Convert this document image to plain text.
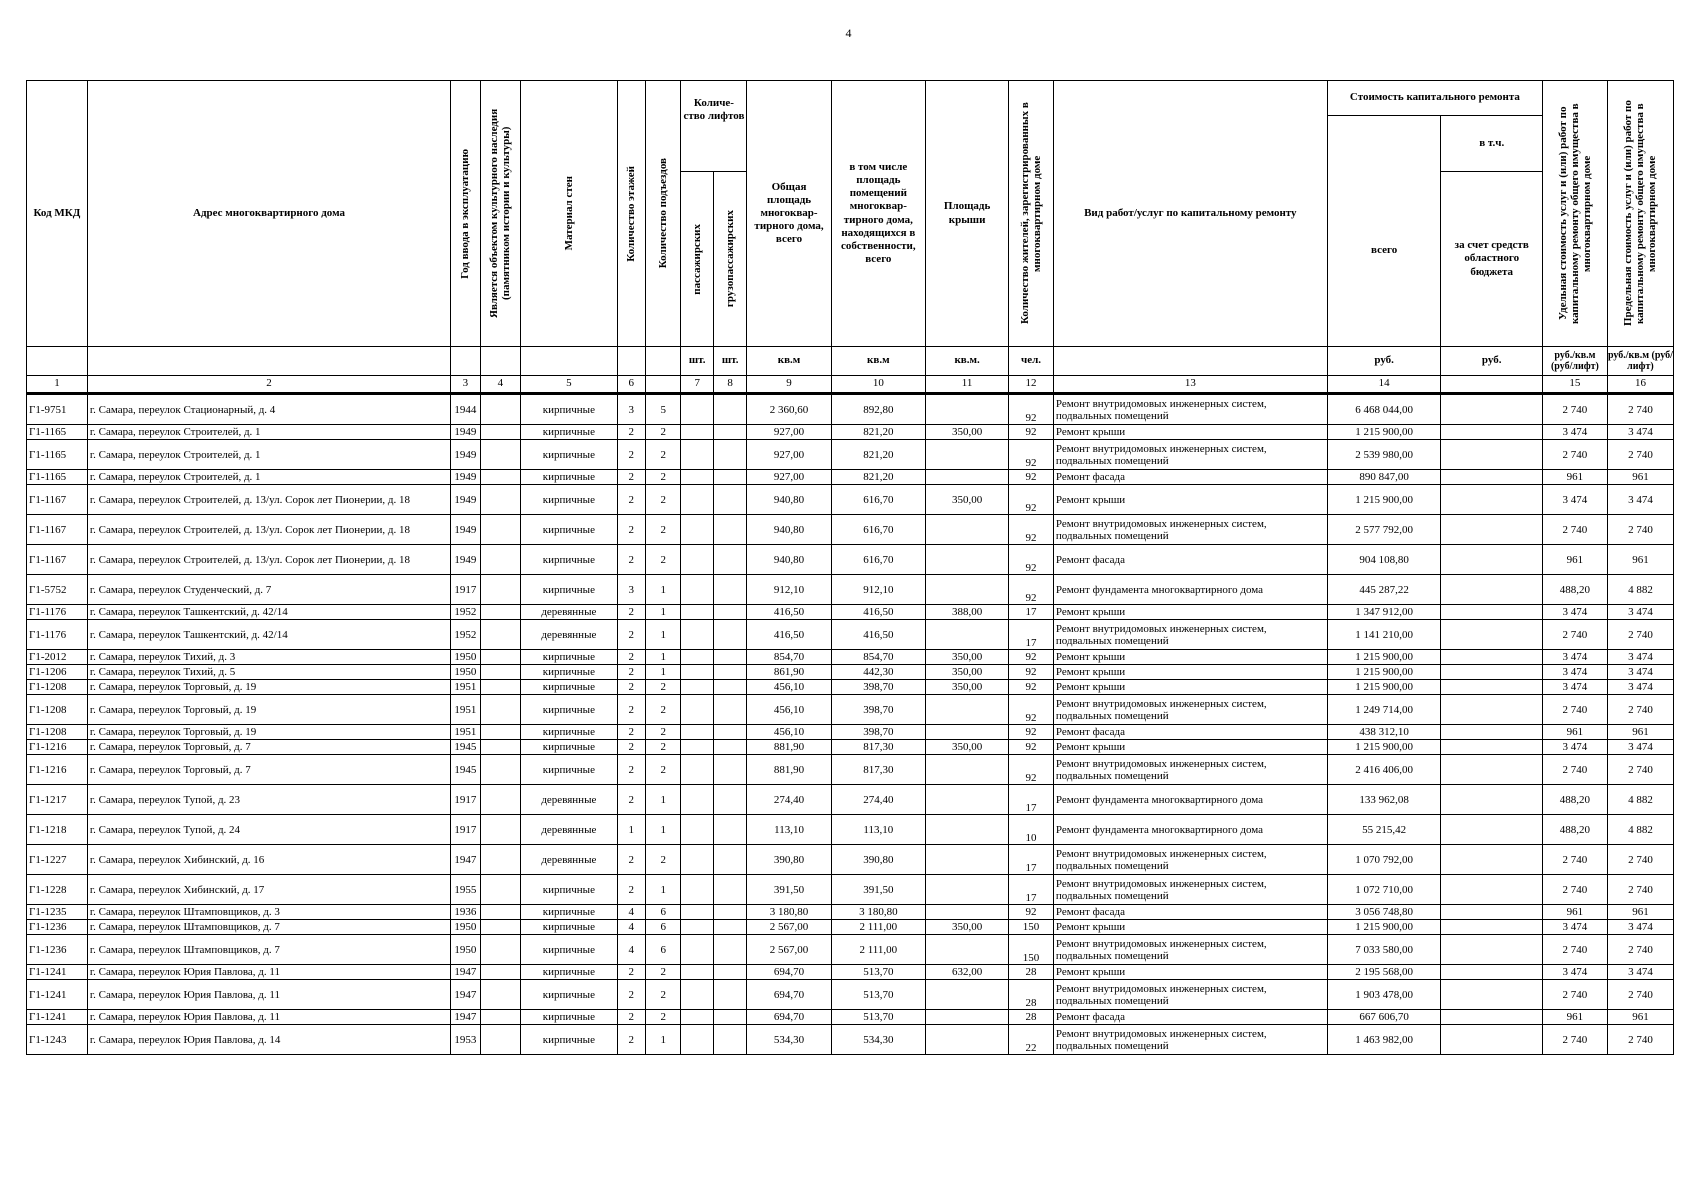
4
Код МКД	Адрес многоквартирного дома	Год ввода в эксплуатацию	Является объектом культурного наследия (памятником истории и культуры)	Материал стен	Количество этажей	Количество подъездов	Количе-ство лифтов		Общая площадь многоквар-тирного дома, всего	в том числе площадь помещений многоквар-тирного дома, находящихся в собственности, всего	Площадь крыши	Количество жителей, зарегистрированных в многоквартирном доме	Вид работ/услуг по капитальному ремонту	Стоимость капитального ремонта		Удельная стоимость услуг и (или) работ по капитальному ремонту общего имущества в многоквартирном доме	Предельная стоимость услуг и (или) работ по капитальному ремонту общего имущества в многоквартирном доме

														всего	в т.ч.		

							пассажирских	грузопассажирских							за счет средств областного бюджета		
							шт.	шт.	кв.м	кв.м	кв.м.	чел.		руб.	руб.	руб./кв.м (руб/лифт)	руб./кв.м (руб/лифт)
1	2	3	4	5	6		7	8	9	10	11	12	13	14		15	16
Г1-9751	г. Самара, переулок Стационарный, д. 4	1944		кирпичные	3	5			2 360,60	892,80		92	Ремонт внутридомовых инженерных систем, подвальных помещений	6 468 044,00		2 740	2 740
Г1-1165	г. Самара, переулок Строителей, д. 1	1949		кирпичные	2	2			927,00	821,20	350,00	92	Ремонт крыши	1 215 900,00		3 474	3 474
Г1-1165	г. Самара, переулок Строителей, д. 1	1949		кирпичные	2	2			927,00	821,20		92	Ремонт внутридомовых инженерных систем, подвальных помещений	2 539 980,00		2 740	2 740
Г1-1165	г. Самара, переулок Строителей, д. 1	1949		кирпичные	2	2			927,00	821,20		92	Ремонт фасада	890 847,00		961	961
Г1-1167	г. Самара, переулок Строителей, д. 13/ул. Сорок лет Пионерии, д. 18	1949		кирпичные	2	2			940,80	616,70	350,00	92	Ремонт крыши	1 215 900,00		3 474	3 474
Г1-1167	г. Самара, переулок Строителей, д. 13/ул. Сорок лет Пионерии, д. 18	1949		кирпичные	2	2			940,80	616,70		92	Ремонт внутридомовых инженерных систем, подвальных помещений	2 577 792,00		2 740	2 740
Г1-1167	г. Самара, переулок Строителей, д. 13/ул. Сорок лет Пионерии, д. 18	1949		кирпичные	2	2			940,80	616,70		92	Ремонт фасада	904 108,80		961	961
Г1-5752	г. Самара, переулок Студенческий, д. 7	1917		кирпичные	3	1			912,10	912,10		92	Ремонт фундамента многоквартирного дома	445 287,22		488,20	4 882
Г1-1176	г. Самара, переулок Ташкентский, д. 42/14	1952		деревянные	2	1			416,50	416,50	388,00	17	Ремонт крыши	1 347 912,00		3 474	3 474
Г1-1176	г. Самара, переулок Ташкентский, д. 42/14	1952		деревянные	2	1			416,50	416,50		17	Ремонт внутридомовых инженерных систем, подвальных помещений	1 141 210,00		2 740	2 740
Г1-2012	г. Самара, переулок Тихий, д. 3	1950		кирпичные	2	1			854,70	854,70	350,00	92	Ремонт крыши	1 215 900,00		3 474	3 474
Г1-1206	г. Самара, переулок Тихий, д. 5	1950		кирпичные	2	1			861,90	442,30	350,00	92	Ремонт крыши	1 215 900,00		3 474	3 474
Г1-1208	г. Самара, переулок Торговый, д. 19	1951		кирпичные	2	2			456,10	398,70	350,00	92	Ремонт крыши	1 215 900,00		3 474	3 474
Г1-1208	г. Самара, переулок Торговый, д. 19	1951		кирпичные	2	2			456,10	398,70		92	Ремонт внутридомовых инженерных систем, подвальных помещений	1 249 714,00		2 740	2 740
Г1-1208	г. Самара, переулок Торговый, д. 19	1951		кирпичные	2	2			456,10	398,70		92	Ремонт фасада	438 312,10		961	961
Г1-1216	г. Самара, переулок Торговый, д. 7	1945		кирпичные	2	2			881,90	817,30	350,00	92	Ремонт крыши	1 215 900,00		3 474	3 474
Г1-1216	г. Самара, переулок Торговый, д. 7	1945		кирпичные	2	2			881,90	817,30		92	Ремонт внутридомовых инженерных систем, подвальных помещений	2 416 406,00		2 740	2 740
Г1-1217	г. Самара, переулок Тупой, д. 23	1917		деревянные	2	1			274,40	274,40		17	Ремонт фундамента многоквартирного дома	133 962,08		488,20	4 882
Г1-1218	г. Самара, переулок Тупой, д. 24	1917		деревянные	1	1			113,10	113,10		10	Ремонт фундамента многоквартирного дома	55 215,42		488,20	4 882
Г1-1227	г. Самара, переулок Хибинский, д. 16	1947		деревянные	2	2			390,80	390,80		17	Ремонт внутридомовых инженерных систем, подвальных помещений	1 070 792,00		2 740	2 740
Г1-1228	г. Самара, переулок Хибинский, д. 17	1955		кирпичные	2	1			391,50	391,50		17	Ремонт внутридомовых инженерных систем, подвальных помещений	1 072 710,00		2 740	2 740
Г1-1235	г. Самара, переулок Штамповщиков, д. 3	1936		кирпичные	4	6			3 180,80	3 180,80		92	Ремонт фасада	3 056 748,80		961	961
Г1-1236	г. Самара, переулок Штамповщиков, д. 7	1950		кирпичные	4	6			2 567,00	2 111,00	350,00	150	Ремонт крыши	1 215 900,00		3 474	3 474
Г1-1236	г. Самара, переулок Штамповщиков, д. 7	1950		кирпичные	4	6			2 567,00	2 111,00		150	Ремонт внутридомовых инженерных систем, подвальных помещений	7 033 580,00		2 740	2 740
Г1-1241	г. Самара, переулок Юрия Павлова, д. 11	1947		кирпичные	2	2			694,70	513,70	632,00	28	Ремонт крыши	2 195 568,00		3 474	3 474
Г1-1241	г. Самара, переулок Юрия Павлова, д. 11	1947		кирпичные	2	2			694,70	513,70		28	Ремонт внутридомовых инженерных систем, подвальных помещений	1 903 478,00		2 740	2 740
Г1-1241	г. Самара, переулок Юрия Павлова, д. 11	1947		кирпичные	2	2			694,70	513,70		28	Ремонт фасада	667 606,70		961	961
Г1-1243	г. Самара, переулок Юрия Павлова, д. 14	1953		кирпичные	2	1			534,30	534,30		22	Ремонт внутридомовых инженерных систем, подвальных помещений	1 463 982,00		2 740	2 740
